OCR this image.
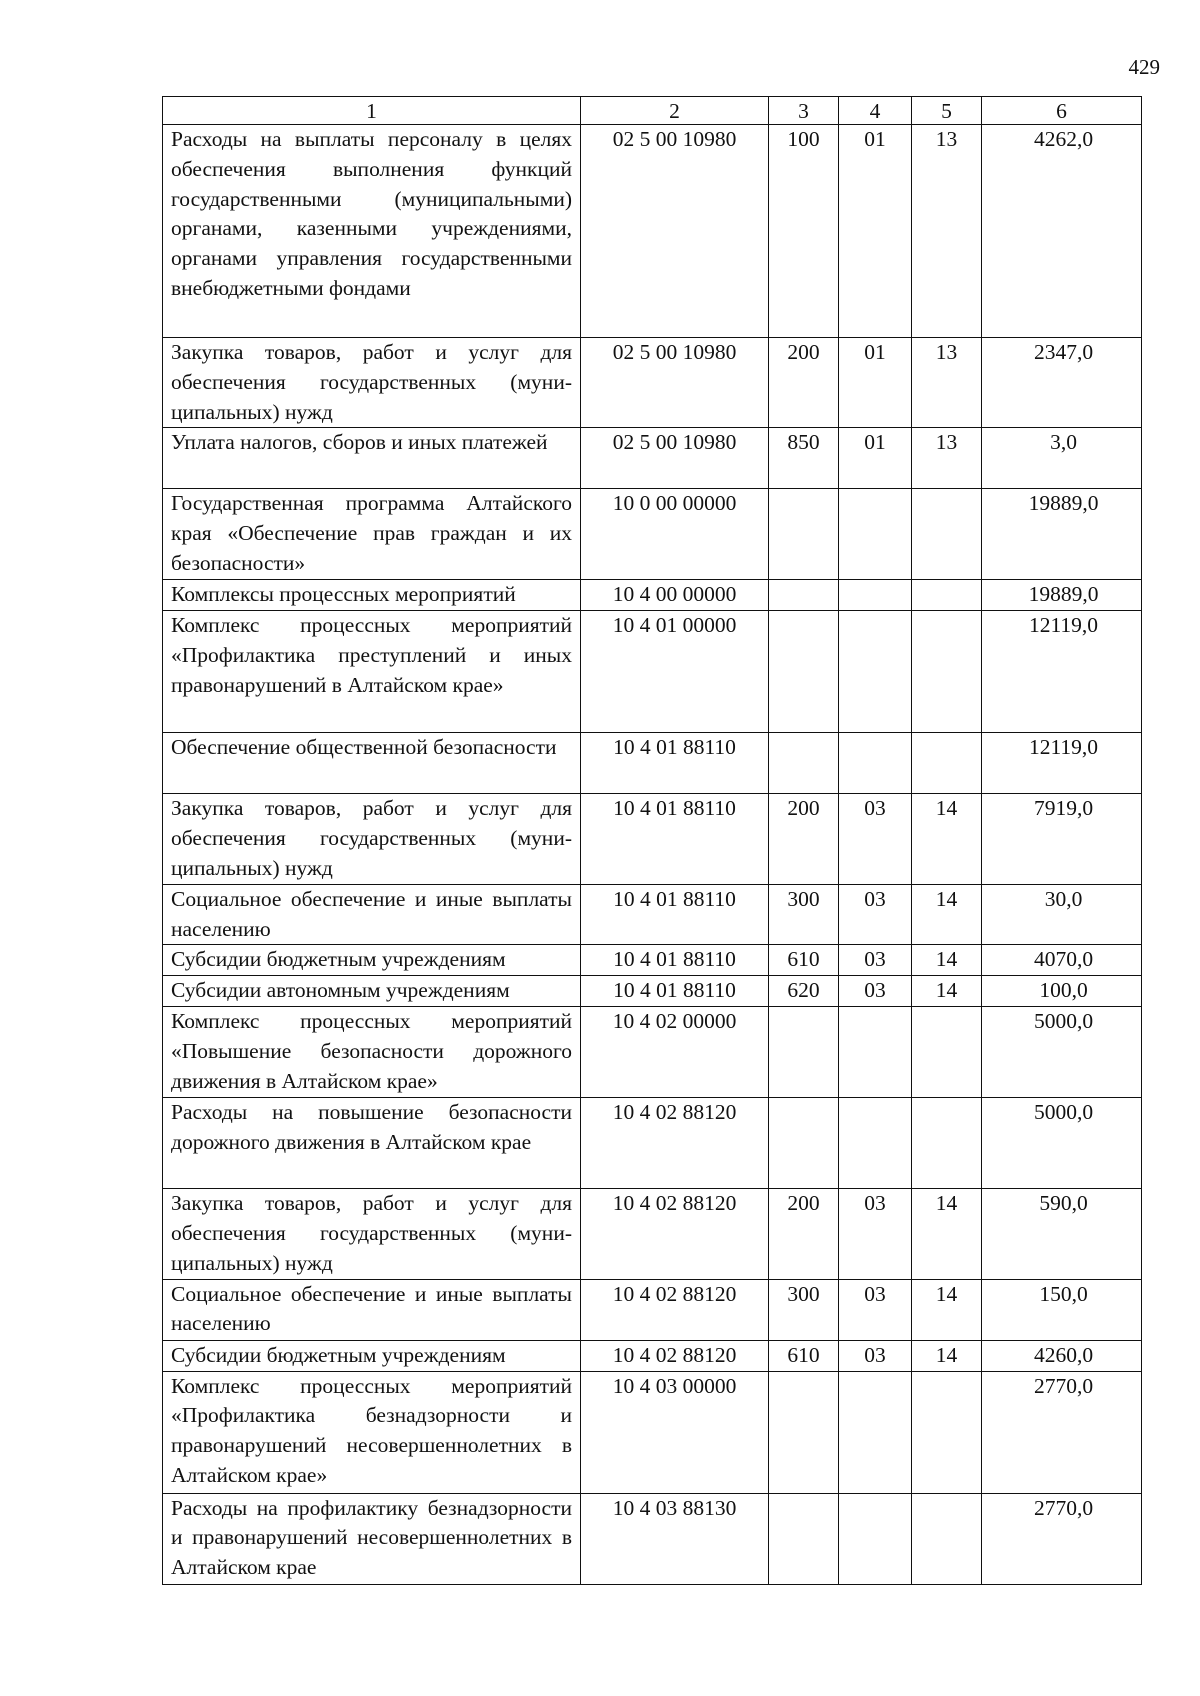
429
1	2	3	4	5	6
Расходы на выплаты персоналу в целях обеспечения выполнения функций государственными (муниципальными) органами, казенными учреждениями, органами управления государственными внебюджетными фондами	02 5 00 10980	100	01	13	4262,0
Закупка товаров, работ и услуг для обеспечения государственных (муниципальных) нужд	02 5 00 10980	200	01	13	2347,0
Уплата налогов, сборов и иных платежей	02 5 00 10980	850	01	13	3,0
Государственная программа Алтайского края «Обеспечение прав граждан и их безопасности»	10 0 00 00000				19889,0
Комплексы процессных мероприятий	10 4 00 00000				19889,0
Комплекс процессных мероприятий «Профилактика преступлений и иных правонарушений в Алтайском крае»	10 4 01 00000				12119,0
Обеспечение общественной безопасности	10 4 01 88110				12119,0
Закупка товаров, работ и услуг для обеспечения государственных (муниципальных) нужд	10 4 01 88110	200	03	14	7919,0
Социальное обеспечение и иные выплаты населению	10 4 01 88110	300	03	14	30,0
Субсидии бюджетным учреждениям	10 4 01 88110	610	03	14	4070,0
Субсидии автономным учреждениям	10 4 01 88110	620	03	14	100,0
Комплекс процессных мероприятий «Повышение безопасности дорожного движения в Алтайском крае»	10 4 02 00000				5000,0
Расходы на повышение безопасности дорожного движения в Алтайском крае	10 4 02 88120				5000,0
Закупка товаров, работ и услуг для обеспечения государственных (муниципальных) нужд	10 4 02 88120	200	03	14	590,0
Социальное обеспечение и иные выплаты населению	10 4 02 88120	300	03	14	150,0
Субсидии бюджетным учреждениям	10 4 02 88120	610	03	14	4260,0
Комплекс процессных мероприятий «Профилактика безнадзорности и правонарушений несовершеннолетних в Алтайском крае»	10 4 03 00000				2770,0
Расходы на профилактику безнадзорности и правонарушений несовершеннолетних в Алтайском крае	10 4 03 88130				2770,0
